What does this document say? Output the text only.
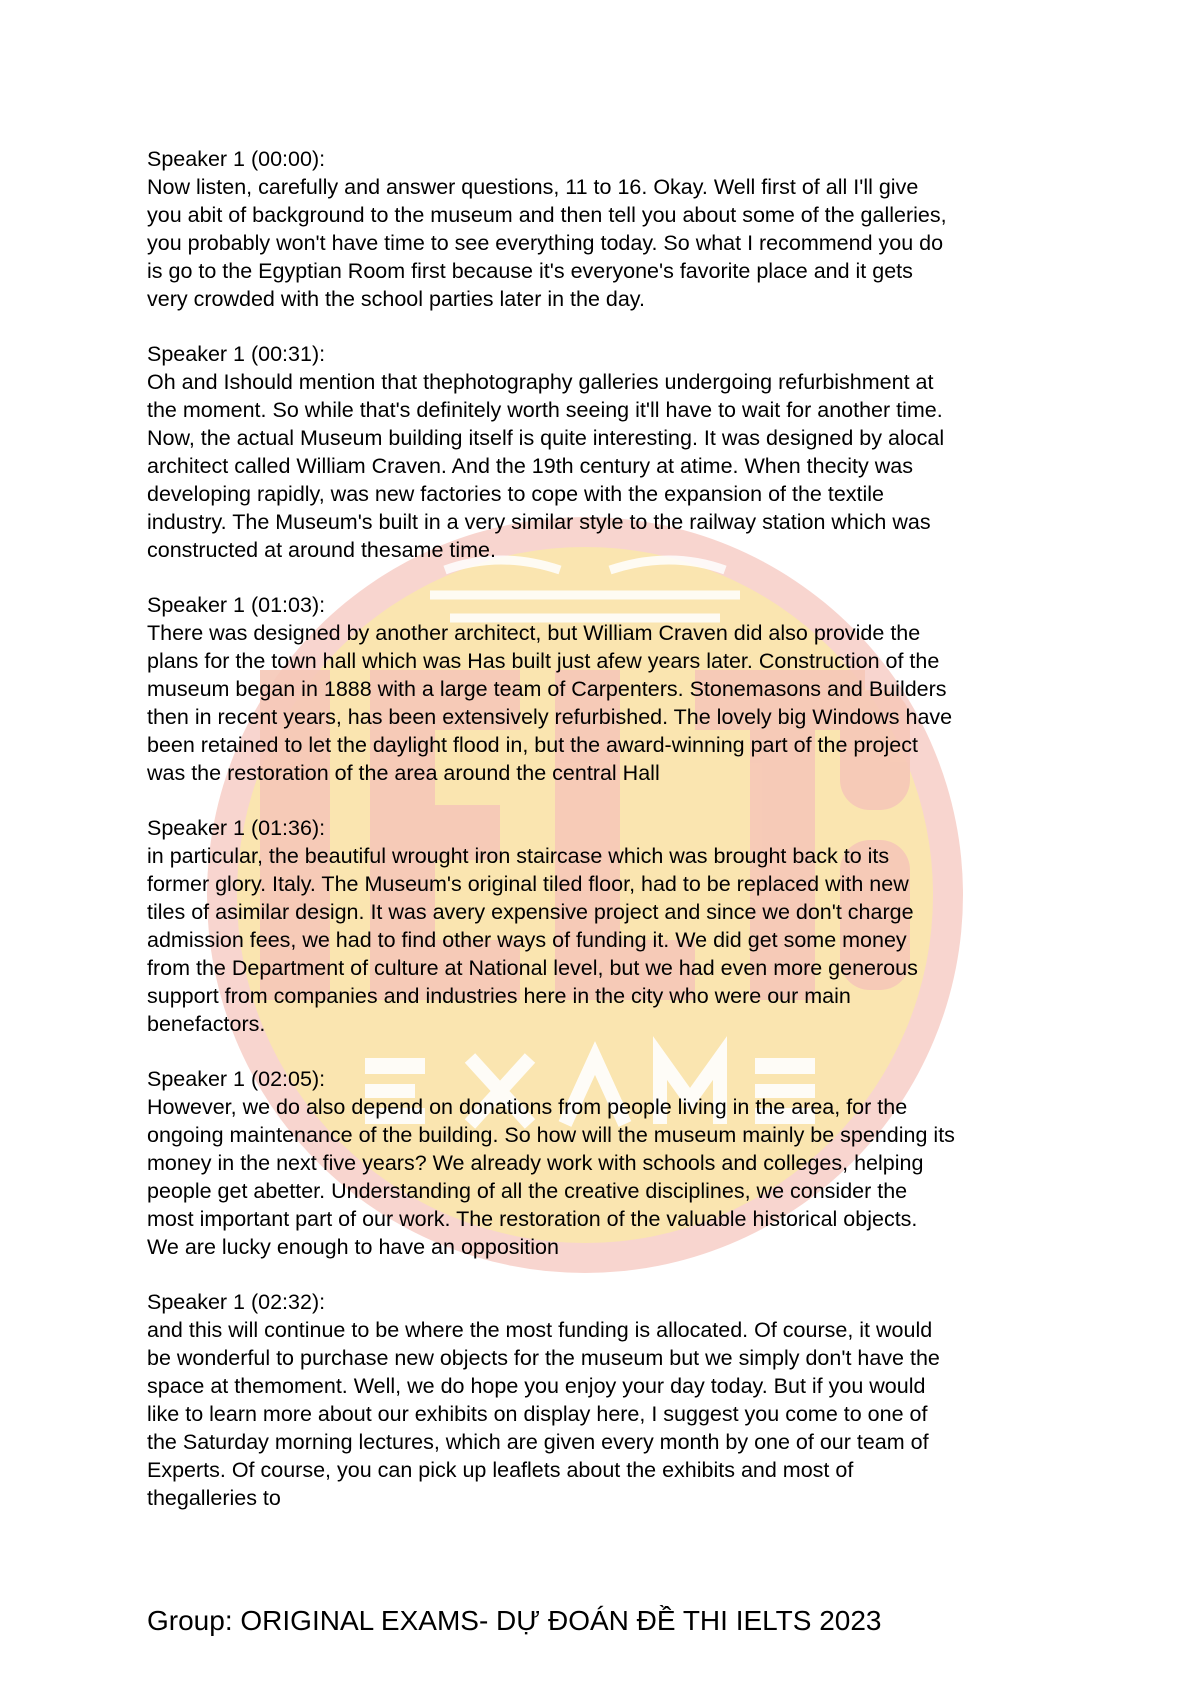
Speaker 1 (00:00):
Now listen, carefully and answer questions, 11 to 16. Okay. Well first of all I'll give
you abit of background to the museum and then tell you about some of the galleries,
you probably won't have time to see everything today. So what I recommend you do
is go to the Egyptian Room first because it's everyone's favorite place and it gets
very crowded with the school parties later in the day.
Speaker 1 (00:31):
Oh and Ishould mention that thephotography galleries undergoing refurbishment at
the moment. So while that's definitely worth seeing it'll have to wait for another time.
Now, the actual Museum building itself is quite interesting. It was designed by alocal
architect called William Craven. And the 19th century at atime. When thecity was
developing rapidly, was new factories to cope with the expansion of the textile
industry. The Museum's built in a very similar style to the railway station which was
constructed at around thesame time.
Speaker 1 (01:03):
There was designed by another architect, but William Craven did also provide the
plans for the town hall which was Has built just afew years later. Construction of the
museum began in 1888 with a large team of Carpenters. Stonemasons and Builders
then in recent years, has been extensively refurbished. The lovely big Windows have
been retained to let the daylight flood in, but the award-winning part of the project
was the restoration of the area around the central Hall
Speaker 1 (01:36):
in particular, the beautiful wrought iron staircase which was brought back to its
former glory. Italy. The Museum's original tiled floor, had to be replaced with new
tiles of asimilar design. It was avery expensive project and since we don't charge
admission fees, we had to find other ways of funding it. We did get some money
from the Department of culture at National level, but we had even more generous
support from companies and industries here in the city who were our main
benefactors.
Speaker 1 (02:05):
However, we do also depend on donations from people living in the area, for the
ongoing maintenance of the building. So how will the museum mainly be spending its
money in the next five years? We already work with schools and colleges, helping
people get abetter. Understanding of all the creative disciplines, we consider the
most important part of our work. The restoration of the valuable historical objects.
We are lucky enough to have an opposition
Speaker 1 (02:32):
and this will continue to be where the most funding is allocated. Of course, it would
be wonderful to purchase new objects for the museum but we simply don't have the
space at themoment. Well, we do hope you enjoy your day today. But if you would
like to learn more about our exhibits on display here, I suggest you come to one of
the Saturday morning lectures, which are given every month by one of our team of
Experts. Of course, you can pick up leaflets about the exhibits and most of
thegalleries to
Group: ORIGINAL EXAMS- DỰ ĐOÁN ĐỀ THI IELTS 2023
